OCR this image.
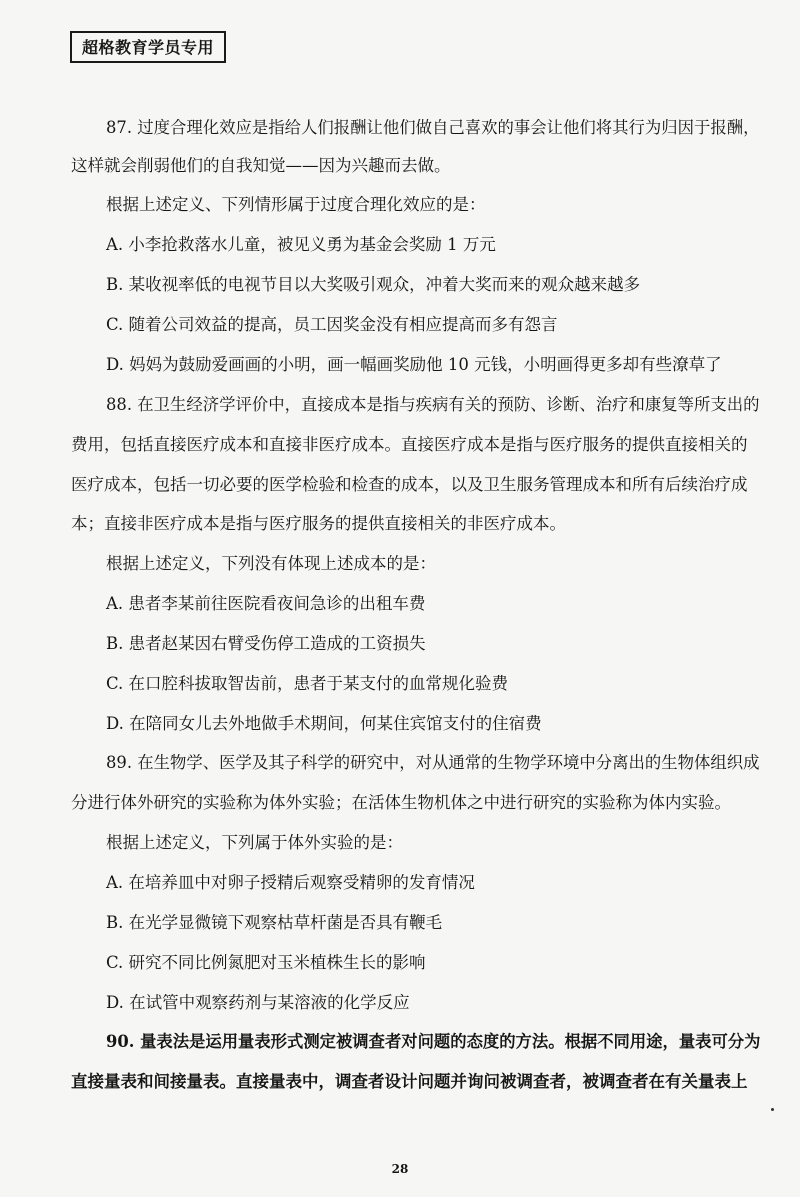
超格教育学员专用
87. 过度合理化效应是指给人们报酬让他们做自己喜欢的事会让他们将其行为归因于报酬，
这样就会削弱他们的自我知觉——因为兴趣而去做。
根据上述定义、下列情形属于过度合理化效应的是：
A. 小李抢救落水儿童，被见义勇为基金会奖励 1 万元
B. 某收视率低的电视节目以大奖吸引观众，冲着大奖而来的观众越来越多
C. 随着公司效益的提高，员工因奖金没有相应提高而多有怨言
D. 妈妈为鼓励爱画画的小明，画一幅画奖励他 10 元钱，小明画得更多却有些潦草了
88. 在卫生经济学评价中，直接成本是指与疾病有关的预防、诊断、治疗和康复等所支出的
费用，包括直接医疗成本和直接非医疗成本。直接医疗成本是指与医疗服务的提供直接相关的
医疗成本，包括一切必要的医学检验和检查的成本，以及卫生服务管理成本和所有后续治疗成
本；直接非医疗成本是指与医疗服务的提供直接相关的非医疗成本。
根据上述定义，下列没有体现上述成本的是：
A. 患者李某前往医院看夜间急诊的出租车费
B. 患者赵某因右臂受伤停工造成的工资损失
C. 在口腔科拔取智齿前，患者于某支付的血常规化验费
D. 在陪同女儿去外地做手术期间，何某住宾馆支付的住宿费
89. 在生物学、医学及其子科学的研究中，对从通常的生物学环境中分离出的生物体组织成
分进行体外研究的实验称为体外实验；在活体生物机体之中进行研究的实验称为体内实验。
根据上述定义，下列属于体外实验的是：
A. 在培养皿中对卵子授精后观察受精卵的发育情况
B. 在光学显微镜下观察枯草杆菌是否具有鞭毛
C. 研究不同比例氮肥对玉米植株生长的影响
D. 在试管中观察药剂与某溶液的化学反应
90. 量表法是运用量表形式测定被调查者对问题的态度的方法。根据不同用途，量表可分为
直接量表和间接量表。直接量表中，调查者设计问题并询问被调查者，被调查者在有关量表上
28
